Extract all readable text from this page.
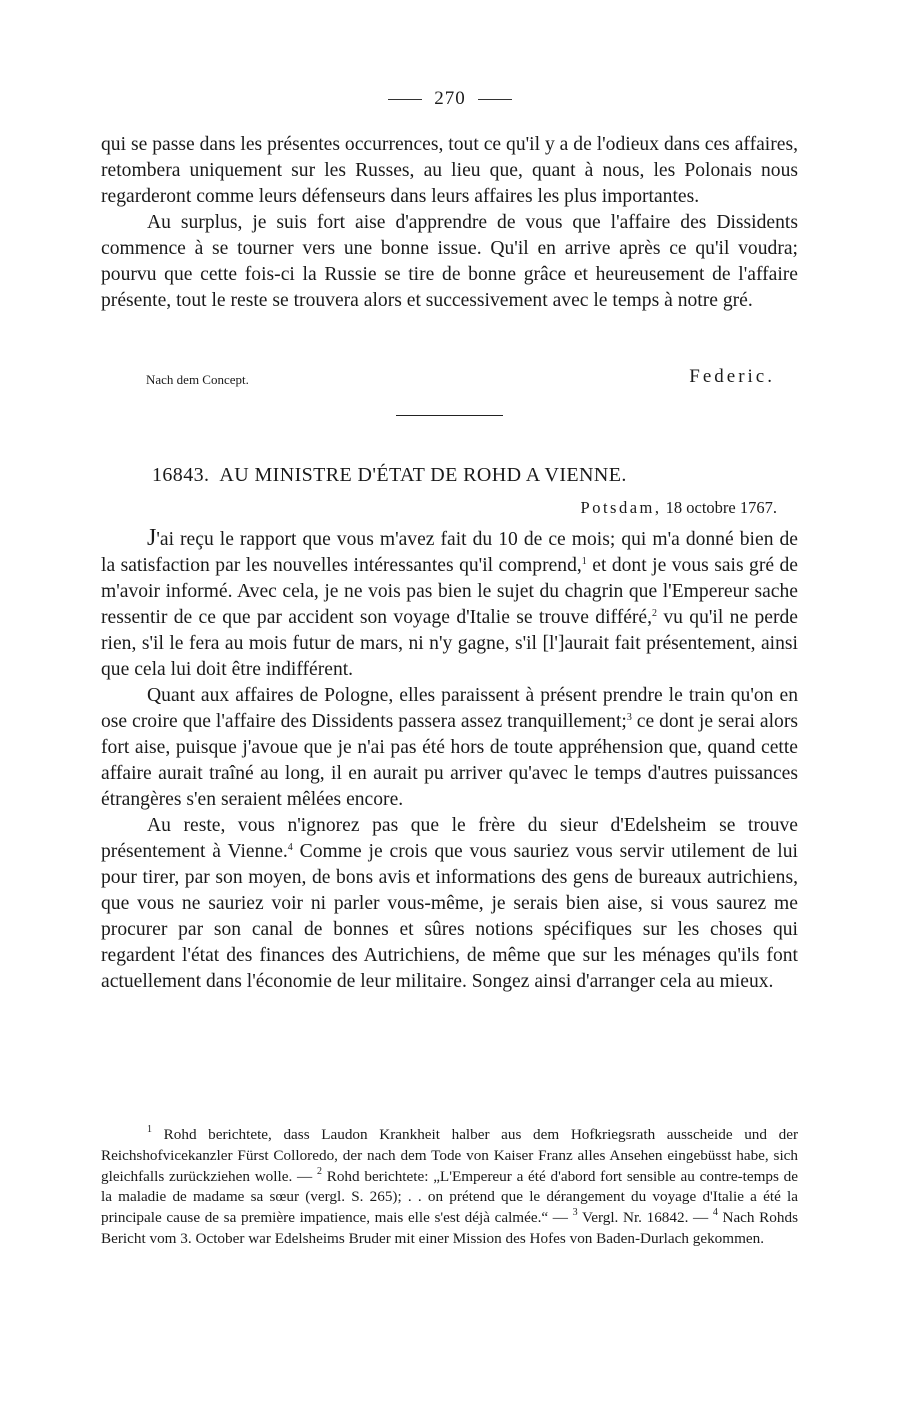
270

qui se passe dans les présentes occurrences, tout ce qu'il y a de l'odieux dans ces affaires, retombera uniquement sur les Russes, au lieu que, quant à nous, les Polonais nous regarderont comme leurs défenseurs dans leurs affaires les plus importantes.

Au surplus, je suis fort aise d'apprendre de vous que l'affaire des Dissidents commence à se tourner vers une bonne issue. Qu'il en arrive après ce qu'il voudra; pourvu que cette fois-ci la Russie se tire de bonne grâce et heureusement de l'affaire présente, tout le reste se trouvera alors et successivement avec le temps à notre gré.

Nach dem Concept.	Federic.
16843. AU MINISTRE D'ÉTAT DE ROHD A VIENNE.
Potsdam, 18 octobre 1767.

J'ai reçu le rapport que vous m'avez fait du 10 de ce mois; qui m'a donné bien de la satisfaction par les nouvelles intéressantes qu'il comprend,$^1$ et dont je vous sais gré de m'avoir informé. Avec cela, je ne vois pas bien le sujet du chagrin que l'Empereur sache ressentir de ce que par accident son voyage d'Italie se trouve différé,$^2$ vu qu'il ne perde rien, s'il le fera au mois futur de mars, ni n'y gagne, s'il [l']aurait fait présentement, ainsi que cela lui doit être indifférent.

Quant aux affaires de Pologne, elles paraissent à présent prendre le train qu'on en ose croire que l'affaire des Dissidents passera assez tranquillement;$^3$ ce dont je serai alors fort aise, puisque j'avoue que je n'ai pas été hors de toute appréhension que, quand cette affaire aurait traîné au long, il en aurait pu arriver qu'avec le temps d'autres puissances étrangères s'en seraient mêlées encore.

Au reste, vous n'ignorez pas que le frère du sieur d'Edelsheim se trouve présentement à Vienne.$^4$ Comme je crois que vous sauriez vous servir utilement de lui pour tirer, par son moyen, de bons avis et informations des gens de bureaux autrichiens, que vous ne sauriez voir ni parler vous-même, je serais bien aise, si vous saurez me procurer par son canal de bonnes et sûres notions spécifiques sur les choses qui regardent l'état des finances des Autrichiens, de même que sur les ménages qu'ils font actuellement dans l'économie de leur militaire. Songez ainsi d'arranger cela au mieux.

$^1$ Rohd berichtete, dass Laudon Krankheit halber aus dem Hofkriegsrath ausscheide und der Reichshofvicekanzler Fürst Colloredo, der nach dem Tode von Kaiser Franz alles Ansehen eingebüsst habe, sich gleichfalls zurückziehen wolle. — $^2$ Rohd berichtete: „L'Empereur a été d'abord fort sensible au contre-temps de la maladie de madame sa sœur (vergl. S. 265); . . on prétend que le dérangement du voyage d'Italie a été la principale cause de sa première impatience, mais elle s'est déjà calmée.“ — $^3$ Vergl. Nr. 16842. — $^4$ Nach Rohds Bericht vom 3. October war Edelsheims Bruder mit einer Mission des Hofes von Baden-Durlach gekommen.
